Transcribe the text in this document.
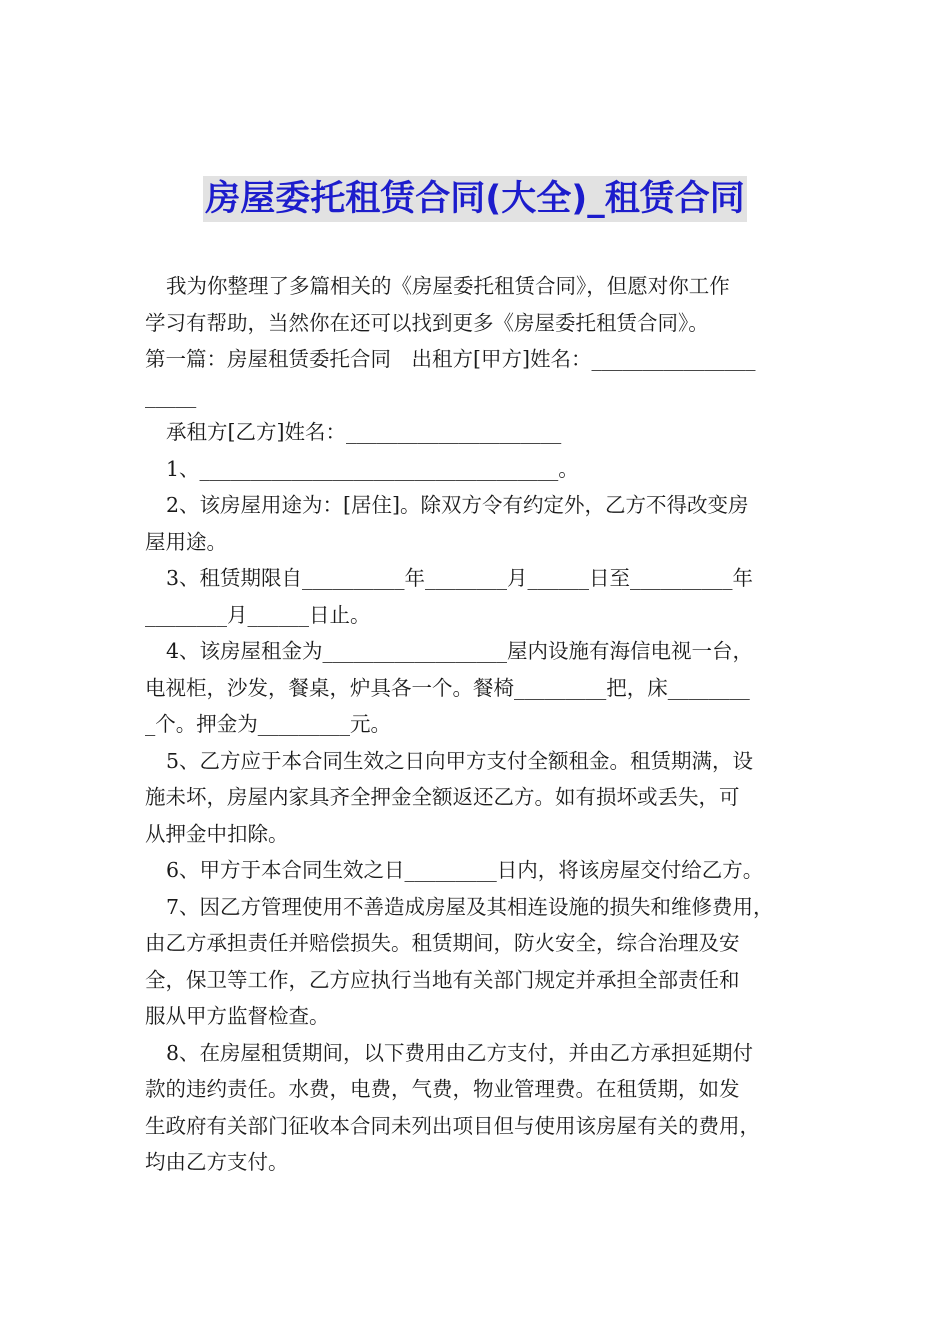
房屋委托租赁合同(大全)_租赁合同
我为你整理了多篇相关的《房屋委托租赁合同》，但愿对你工作
学习有帮助，当然你在还可以找到更多《房屋委托租赁合同》。
第一篇：房屋租赁委托合同　出租方[甲方]姓名：________________
_____
承租方[乙方]姓名：_____________________
1、___________________________________。
2、该房屋用途为：[居住]。除双方令有约定外，乙方不得改变房
屋用途。
3、租赁期限自__________年________月______日至__________年
________月______日止。
4、该房屋租金为__________________屋内设施有海信电视一台，
电视柜，沙发，餐桌，炉具各一个。餐椅_________把，床________
_个。押金为_________元。
5、乙方应于本合同生效之日向甲方支付全额租金。租赁期满，设
施未坏，房屋内家具齐全押金全额返还乙方。如有损坏或丢失，可
从押金中扣除。
6、甲方于本合同生效之日_________日内，将该房屋交付给乙方。
7、因乙方管理使用不善造成房屋及其相连设施的损失和维修费用，
由乙方承担责任并赔偿损失。租赁期间，防火安全，综合治理及安
全，保卫等工作，乙方应执行当地有关部门规定并承担全部责任和
服从甲方监督检查。
8、在房屋租赁期间，以下费用由乙方支付，并由乙方承担延期付
款的违约责任。水费，电费，气费，物业管理费。在租赁期，如发
生政府有关部门征收本合同未列出项目但与使用该房屋有关的费用，
均由乙方支付。
